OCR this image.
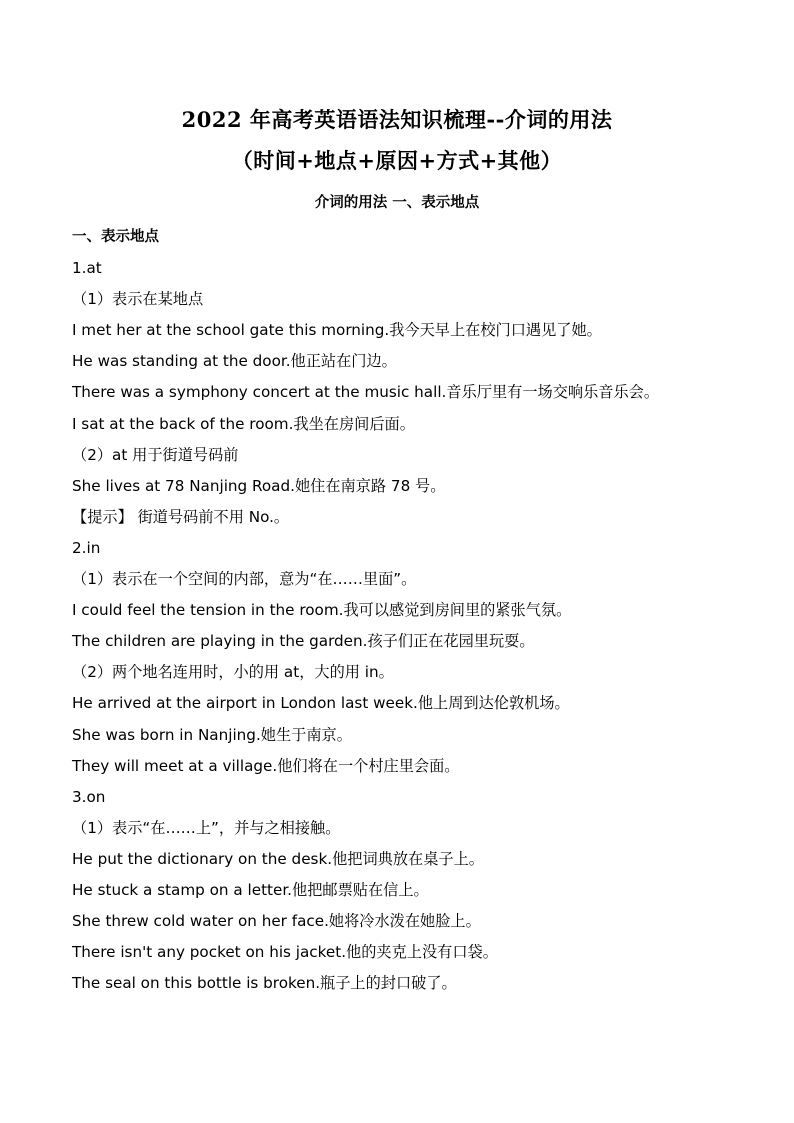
2022 年高考英语语法知识梳理--介词的用法
（时间+地点+原因+方式+其他）
介词的用法 一、表示地点
一、表示地点
1.at
（1）表示在某地点
I met her at the school gate this morning.我今天早上在校门口遇见了她。
He was standing at the door.他正站在门边。
There was a symphony concert at the music hall.音乐厅里有一场交响乐音乐会。
I sat at the back of the room.我坐在房间后面。
（2）at 用于街道号码前
She lives at 78 Nanjing Road.她住在南京路 78 号。
【提示】 街道号码前不用 No.。
2.in
（1）表示在一个空间的内部，意为“在……里面”。
I could feel the tension in the room.我可以感觉到房间里的紧张气氛。
The children are playing in the garden.孩子们正在花园里玩耍。
（2）两个地名连用时，小的用 at，大的用 in。
He arrived at the airport in London last week.他上周到达伦敦机场。
She was born in Nanjing.她生于南京。
They will meet at a village.他们将在一个村庄里会面。
3.on
（1）表示“在……上”，并与之相接触。
He put the dictionary on the desk.他把词典放在桌子上。
He stuck a stamp on a letter.他把邮票贴在信上。
She threw cold water on her face.她将冷水泼在她脸上。
There isn't any pocket on his jacket.他的夹克上没有口袋。
The seal on this bottle is broken.瓶子上的封口破了。
